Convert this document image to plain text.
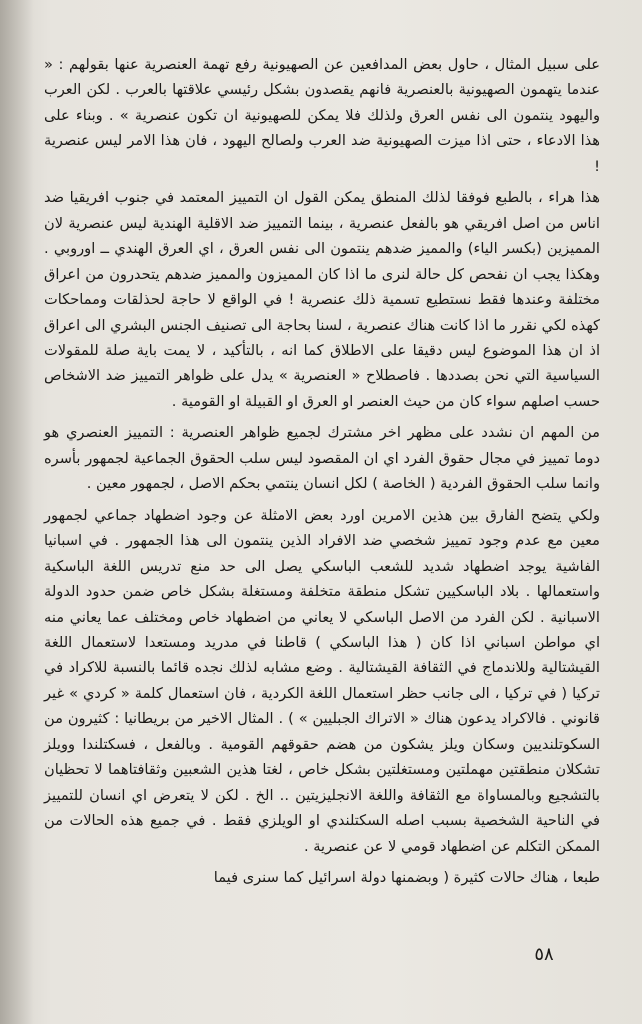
على سبيل المثال ، حاول بعض المدافعين عن الصهيونية رفع تهمة العنصرية عنها بقولهم : « عندما يتهمون الصهيونية بالعنصرية فانهم يقصدون بشكل رئيسي علاقتها بالعرب . لكن العرب واليهود ينتمون الى نفس العرق ولذلك فلا يمكن للصهيونية ان تكون عنصرية » . وبناء على هذا الادعاء ، حتى اذا ميزت الصهيونية ضد العرب ولصالح اليهود ، فان هذا الامر ليس عنصرية !

هذا هراء ، بالطبع فوفقا لذلك المنطق يمكن القول ان التمييز المعتمد في جنوب افريقيا ضد اناس من اصل افريقي هو بالفعل عنصرية ، بينما التمييز ضد الاقلية الهندية ليس عنصرية لان المميزين (بكسر الياء) والمميز ضدهم ينتمون الى نفس العرق ، اي العرق الهندي ــ اوروبي . وهكذا يجب ان نفحص كل حالة لنرى ما اذا كان المميزون والمميز ضدهم يتحدرون من اعراق مختلفة وعندها فقط نستطيع تسمية ذلك عنصرية ! في الواقع لا حاجة لحذلقات ومماحكات كهذه لكي نقرر ما اذا كانت هناك عنصرية ، لسنا بحاجة الى تصنيف الجنس البشري الى اعراق اذ ان هذا الموضوع ليس دقيقا على الاطلاق كما انه ، بالتأكيد ، لا يمت باية صلة للمقولات السياسية التي نحن بصددها . فاصطلاح « العنصرية » يدل على ظواهر التمييز ضد الاشخاص حسب اصلهم سواء كان من حيث العنصر او العرق او القبيلة او القومية .

من المهم ان نشدد على مظهر اخر مشترك لجميع ظواهر العنصرية : التمييز العنصري هو دوما تمييز في مجال حقوق الفرد اي ان المقصود ليس سلب الحقوق الجماعية لجمهور بأسره وانما سلب الحقوق الفردية ( الخاصة ) لكل انسان ينتمي بحكم الاصل ، لجمهور معين .

ولكي يتضح الفارق بين هذين الامرين اورد بعض الامثلة عن وجود اضطهاد جماعي لجمهور معين مع عدم وجود تمييز شخصي ضد الافراد الذين ينتمون الى هذا الجمهور . في اسبانيا الفاشية يوجد اضطهاد شديد للشعب الباسكي يصل الى حد منع تدريس اللغة الباسكية واستعمالها . بلاد الباسكيين تشكل منطقة متخلفة ومستغلة بشكل خاص ضمن حدود الدولة الاسبانية . لكن الفرد من الاصل الباسكي لا يعاني من اضطهاد خاص ومختلف عما يعاني منه اي مواطن اسباني اذا كان ( هذا الباسكي ) قاطنا في مدريد ومستعدا لاستعمال اللغة القيشتالية وللاندماج في الثقافة القيشتالية . وضع مشابه لذلك نجده قائما بالنسبة للاكراد في تركيا ( في تركيا ، الى جانب حظر استعمال اللغة الكردية ، فان استعمال كلمة « كردي » غير قانوني . فالاكراد يدعون هناك « الاتراك الجبليين » ) . المثال الاخير من بريطانيا : كثيرون من السكوتلنديين وسكان ويلز يشكون من هضم حقوقهم القومية . وبالفعل ، فسكتلندا وويلز تشكلان منطقتين مهملتين ومستغلتين بشكل خاص ، لغتا هذين الشعبين وثقافتاهما لا تحظيان بالتشجيع وبالمساواة مع الثقافة واللغة الانجليزيتين .. الخ . لكن لا يتعرض اي انسان للتمييز في الناحية الشخصية بسبب اصله السكتلندي او الويلزي فقط . في جميع هذه الحالات من الممكن التكلم عن اضطهاد قومي لا عن عنصرية .

طبعا ، هناك حالات كثيرة ( وبضمنها دولة اسرائيل كما سنرى فيما

٥٨
